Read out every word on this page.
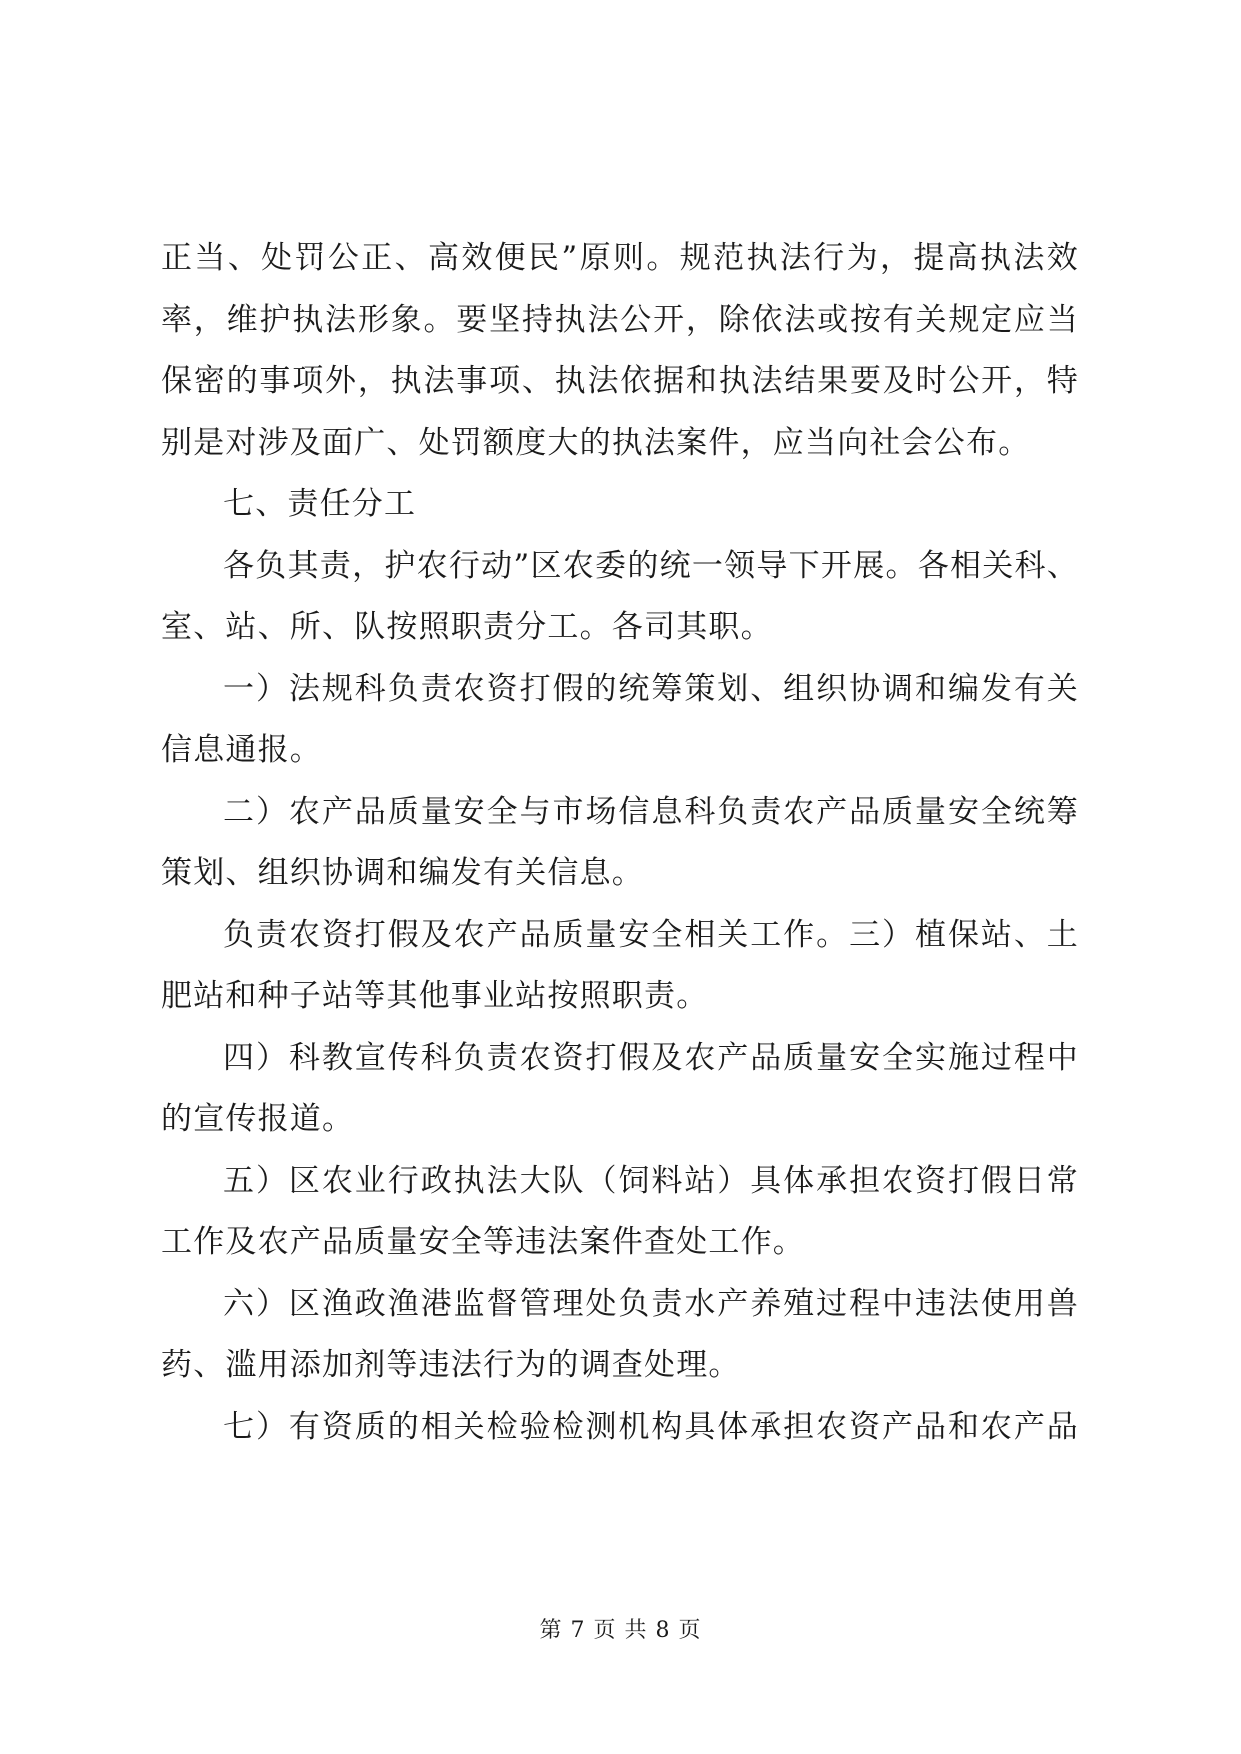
正当、处罚公正、高效便民”原则。规范执法行为，提高执法效
率，维护执法形象。要坚持执法公开，除依法或按有关规定应当
保密的事项外，执法事项、执法依据和执法结果要及时公开，特
别是对涉及面广、处罚额度大的执法案件，应当向社会公布。
七、责任分工
各负其责，护农行动”区农委的统一领导下开展。各相关科、
室、站、所、队按照职责分工。各司其职。
一）法规科负责农资打假的统筹策划、组织协调和编发有关
信息通报。
二）农产品质量安全与市场信息科负责农产品质量安全统筹
策划、组织协调和编发有关信息。
负责农资打假及农产品质量安全相关工作。三）植保站、土
肥站和种子站等其他事业站按照职责。
四）科教宣传科负责农资打假及农产品质量安全实施过程中
的宣传报道。
五）区农业行政执法大队（饲料站）具体承担农资打假日常
工作及农产品质量安全等违法案件查处工作。
六）区渔政渔港监督管理处负责水产养殖过程中违法使用兽
药、滥用添加剂等违法行为的调查处理。
七）有资质的相关检验检测机构具体承担农资产品和农产品
第 7 页 共 8 页
